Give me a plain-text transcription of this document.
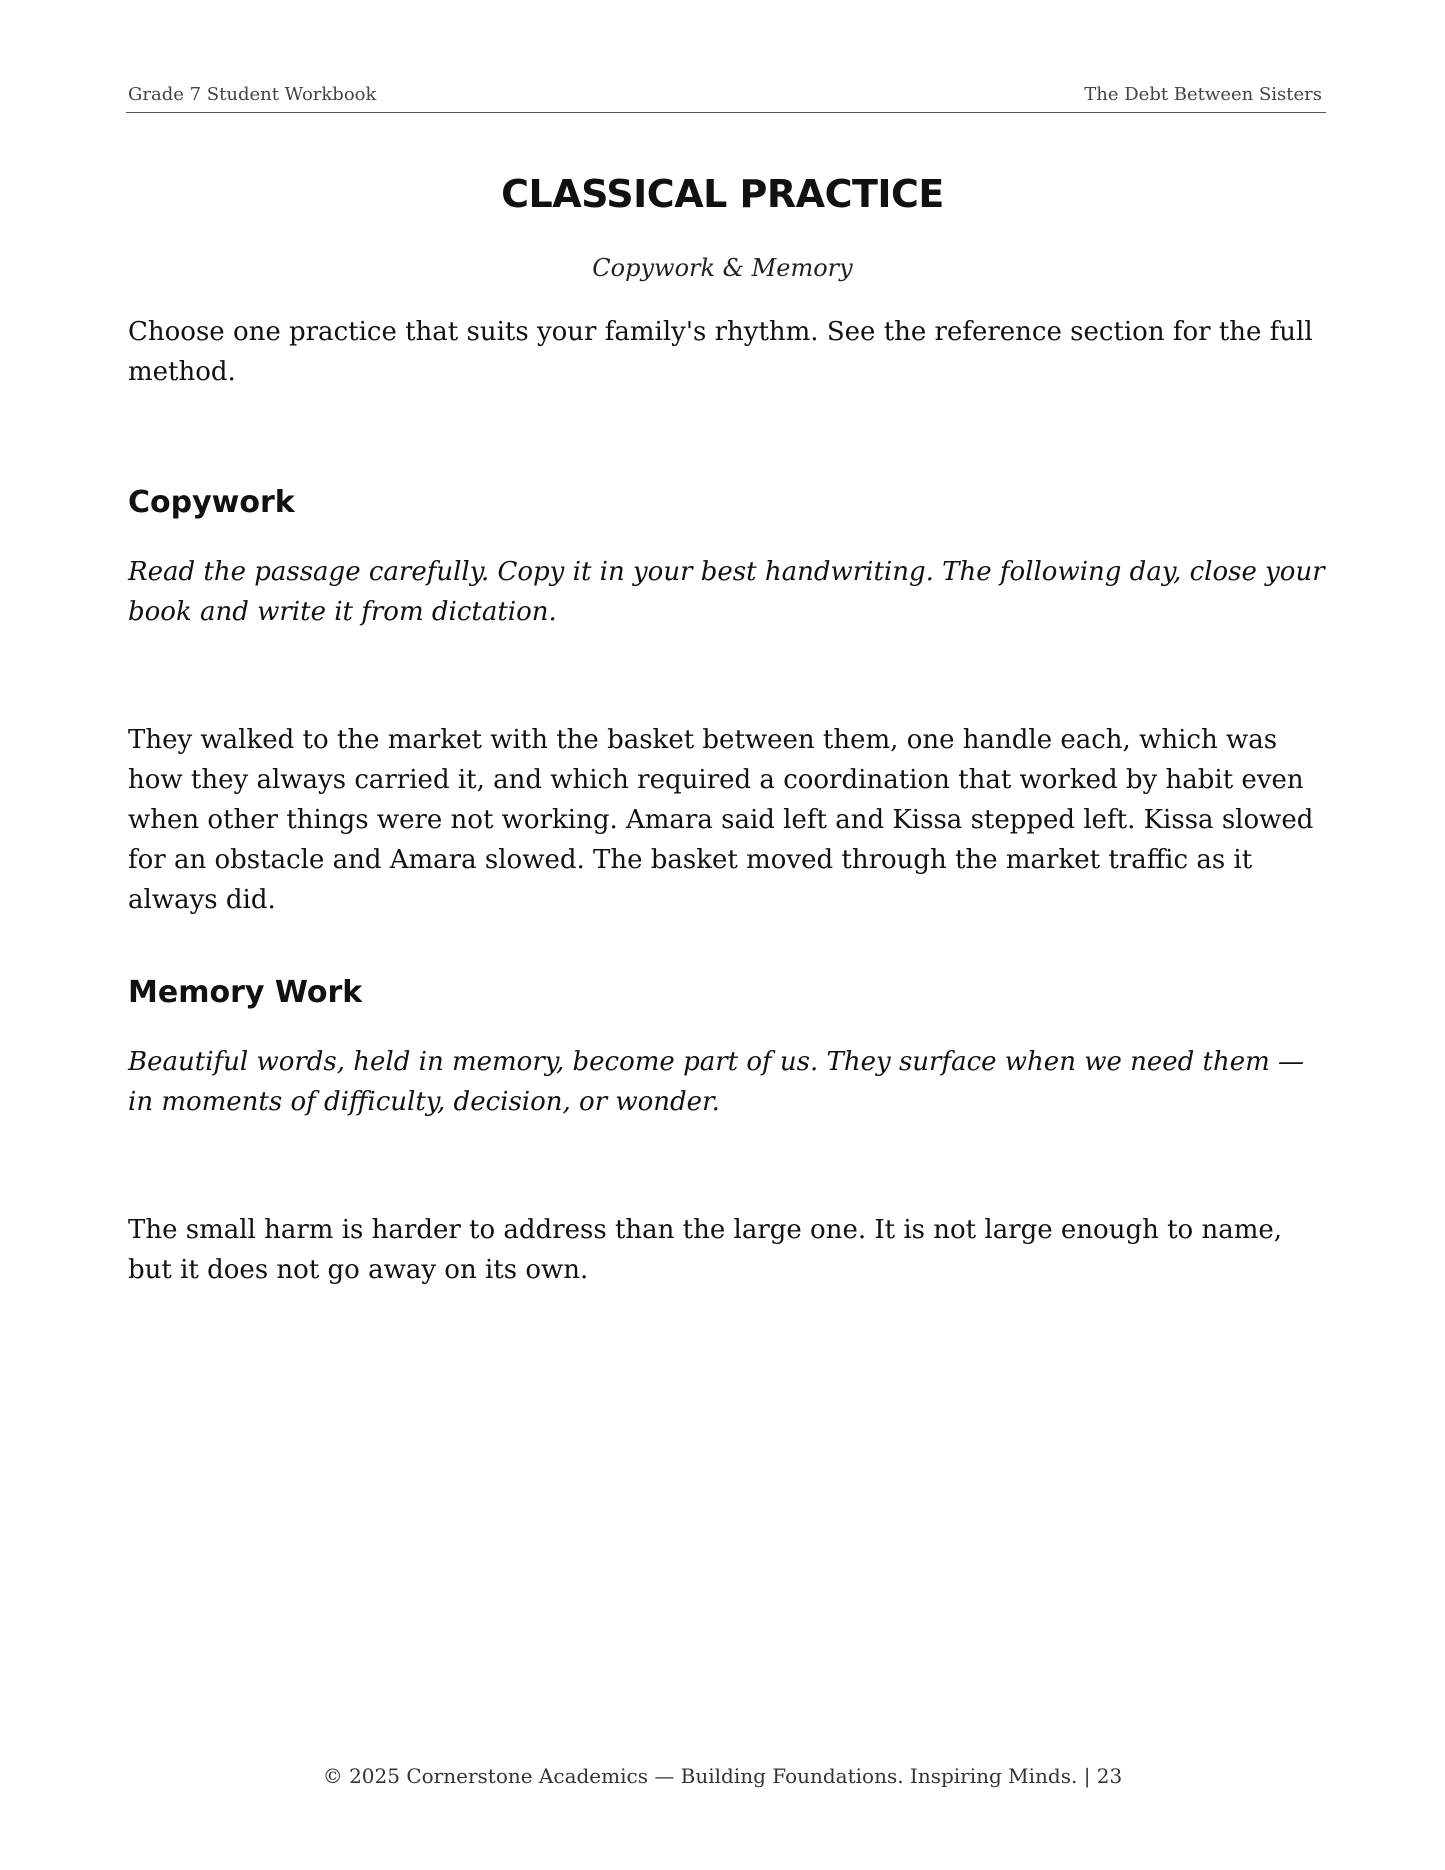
Grade 7 Student Workbook	The Debt Between Sisters
CLASSICAL PRACTICE
Copywork & Memory

Choose one practice that suits your family's rhythm. See the reference section for the full method.

Copywork

Read the passage carefully. Copy it in your best handwriting. The following day, close your book and write it from dictation.

They walked to the market with the basket between them, one handle each, which was how they always carried it, and which required a coordination that worked by habit even when other things were not working. Amara said left and Kissa stepped left. Kissa slowed for an obstacle and Amara slowed. The basket moved through the market traffic as it always did.

Memory Work

Beautiful words, held in memory, become part of us. They surface when we need them — in moments of difficulty, decision, or wonder.

The small harm is harder to address than the large one. It is not large enough to name, but it does not go away on its own.

© 2025 Cornerstone Academics — Building Foundations. Inspiring Minds. | 23
